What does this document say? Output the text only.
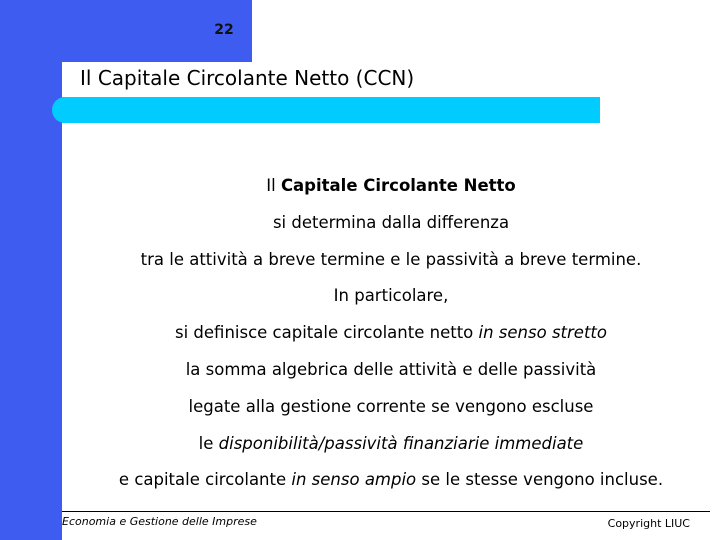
22
Il Capitale Circolante Netto (CCN)
Il Capitale Circolante Netto
si determina dalla differenza
tra le attività a breve termine e le passività a breve termine.
In particolare,
si definisce capitale circolante netto in senso stretto
la somma algebrica delle attività e delle passività
legate alla gestione corrente se vengono escluse
le disponibilità/passività finanziarie immediate
e capitale circolante in senso ampio se le stesse vengono incluse.
Economia e Gestione delle Imprese	Copyright LIUC
